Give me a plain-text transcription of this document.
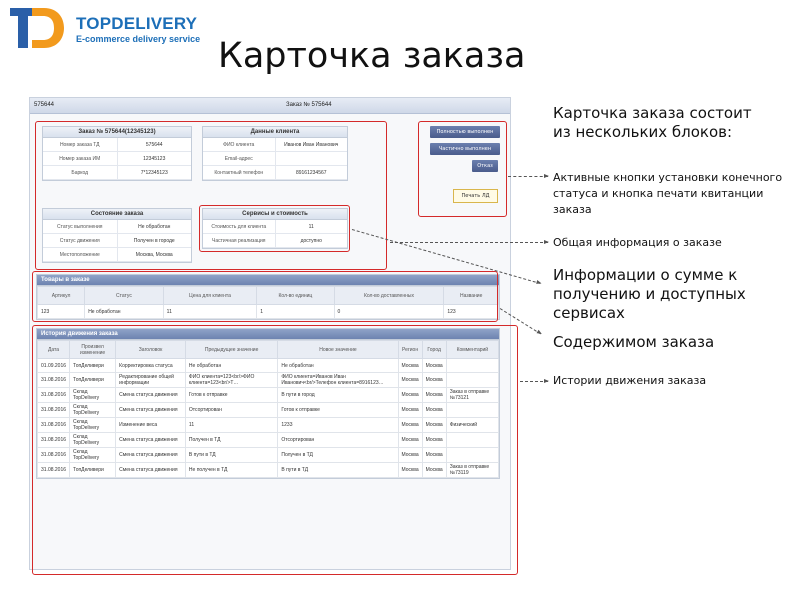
TOPDELIVERY
E-commerce delivery service Карточка заказа
575644	Заказ № 575644
Заказ № 575644(12345123)
Номер заказа ТД	575644
Номер заказа ИМ	12345123
Баркод	7*12345123
Данные клиента
ФИО клиента	Иванов Иван Иванович
Email-адрес
Контактный телефон	89161234567
Состояние заказа
Статус выполнения	Не обработан
Статус движения	Получен в городе
Местоположение	Москва, Москва
Сервисы и стоимость
Стоимость для клиента	11
Частичная реализация	доступно
Товары в заказе
Артикул	Статус	Цена для клиента	Кол-во единиц	Кол-во доставленных	Название
123	Не обработан	11	1	0	123
История движения заказа
Дата	Произвел изменение	Заголовок	Предыдущее значение	Новое значение	Регион	Город	Комментарий
01.09.2016	ТопДеливери	Корректировка статуса	Не обработан	Не обработан	Москва	Москва	
31.08.2016	ТопДеливери	Редактирование общей информации	ФИО клиента=123<br/>ФИО клиента=123<br/>Т…	ФИО клиента=Иванов Иван Иванович<br/>Телефон клиента=8916123…	Москва	Москва	
31.08.2016	Склад TopDelivery	Смена статуса движения	Готов к отправке	В пути в город	Москва	Москва	Заказ в отправке №73121
31.08.2016	Склад TopDelivery	Смена статуса движения	Отсортирован	Готов к отправке	Москва	Москва	
31.08.2016	Склад TopDelivery	Изменение веса	11	1233	Москва	Москва	Физический
31.08.2016	Склад TopDelivery	Смена статуса движения	Получен в ТД	Отсортирован	Москва	Москва	
31.08.2016	Склад TopDelivery	Смена статуса движения	В пути в ТД	Получен в ТД	Москва	Москва	
31.08.2016	ТопДеливери	Смена статуса движения	Не получен в ТД	В пути в ТД	Москва	Москва	Заказ в отправке №73119
Полностью выполнен
Частично выполнен
Отказ
Печать ЛД
Карточка заказа состоит из нескольких блоков:
Активные кнопки установки конечного статуса и кнопка печати квитанции заказа
Общая информация о заказе
Информации о сумме к получению и доступных сервисах
Содержимом заказа
Истории движения заказа
